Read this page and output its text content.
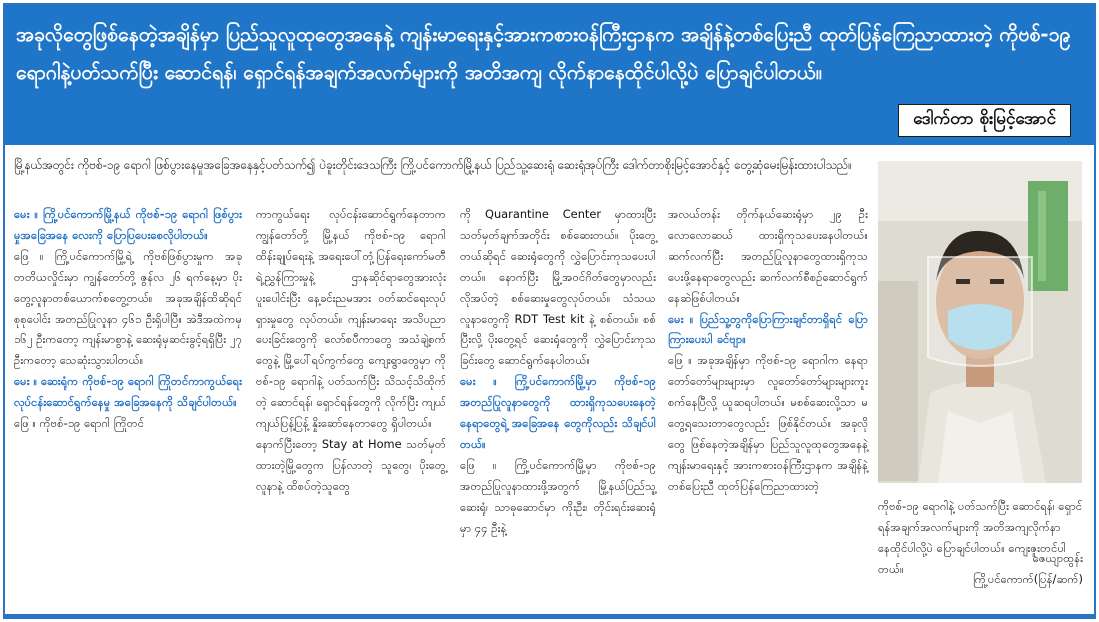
အခုလိုတွေဖြစ်နေတဲ့အချိန်မှာ ပြည်သူလူထုတွေအနေနဲ့ ကျန်းမာရေးနှင့်အားကစားဝန်ကြီးဌာနက အချိန်နဲ့တစ်ပြေးညီ ထုတ်ပြန်ကြေညာထားတဲ့ ကိုဗစ်-၁၉ ရောဂါနဲ့ပတ်သက်ပြီး ဆောင်ရန်၊ ရှောင်ရန်အချက်အလက်များကို အတိအကျ လိုက်နာနေထိုင်ပါလို့ပဲ ပြောချင်ပါတယ်။
ဒေါက်တာ စိုးမြင့်အောင်
မြို့နယ်အတွင်း ကိုဗစ်-၁၉ ရောဂါ ဖြစ်ပွားနေမှုအခြေအနေနှင့်ပတ်သက်၍ ပဲခူးတိုင်းဒေသကြီး ကြို့ပင်ကောက်မြို့နယ် ပြည်သူ့ဆေးရုံ ဆေးရုံအုပ်ကြီး ဒေါက်တာစိုးမြင့်အောင်နှင့် တွေ့ဆုံမေးမြန်းထားပါသည်။

မေး ။ ကြို့ပင်ကောက်မြို့နယ် ကိုဗစ်-၁၉ ရောဂါ ဖြစ်ပွားမှုအခြေအနေ လေးကို ပြောပြပေးစေလိုပါတယ်။

ဖြေ ။ ကြို့ပင်ကောက်မြို့ရဲ့ ကိုဗစ်ဖြစ်ပွားမှုက အခုတတိယလှိုင်းမှာ ကျွန်တော်တို့ ဇွန်လ ၂၆ ရက်နေ့မှာ ပိုးတွေ့လူနာတစ်ယောက်စတွေ့တယ်။ အခုအချိန်ထိဆိုရင် စုစုပေါင်း အတည်ပြုလူနာ ၄၆၁ ဦးရှိပါပြီ။ အဲဒီအထဲကမှ ၁၆၂ ဦးကတော့ ကျန်းမာစွာနဲ့ ဆေးရုံမှဆင်းခွင့်ရရှိပြီး ၂၇ ဦးကတော့ သေဆုံးသွားပါတယ်။

မေး ။ ဆေးရုံက ကိုဗစ်-၁၉ ရောဂါ ကြိုတင်ကာကွယ်ရေး လုပ်ငန်းဆောင်ရွက်နေမှု အခြေအနေကို သိချင်ပါတယ်။

ဖြေ ။ ကိုဗစ်-၁၉ ရောဂါ ကြိုတင်

ကာကွယ်ရေး လုပ်ငန်းဆောင်ရွက်နေတာက ကျွန်တော်တို့ မြို့နယ် ကိုဗစ်-၁၉ ရောဂါထိန်းချုပ်ရေးနဲ့ အရေးပေါ်တုံ့ပြန်ရေးကော်မတီရဲ့ညွှန်ကြားမှုနဲ့ ဌာနဆိုင်ရာတွေအားလုံး ပူးပေါင်းပြီး နေ့ခင်းညမအား ဝတ်ဆင်ရေးလုပ်ရှားမှုတွေ လုပ်တယ်။ ကျန်းမာရေး အသိပညာ ပေးခြင်းတွေကို လော်စပီကာတွေ အသံချဲ့စက်တွေနဲ့ မြို့ပေါ်ရပ်ကွက်တွေ ကျေးရွာတွေမှာ ကိုဗစ်-၁၉ ရောဂါနဲ့ ပတ်သက်ပြီး သိသင့်သိထိုက်တဲ့ ဆောင်ရန်၊ ရှောင်ရန်တွေကို လိုက်ပြီး ကျယ်ကျယ်ပြန့်ပြန့် နှိုးဆော်နေတာတွေ ရှိပါတယ်။

နောက်ပြီးတော့ Stay at Home သတ်မှတ်ထားတဲ့မြို့တွေက ပြန်လာတဲ့ သူတွေ၊ ပိုးတွေ့လူနာနဲ့ ထိစပ်တဲ့သူတွေ

ကို Quarantine Center မှာထားပြီး သတ်မှတ်ချက်အတိုင်း စစ်ဆေးတယ်။ ပိုးတွေ့တယ်ဆိုရင် ဆေးရုံတွေကို လွှဲပြောင်းကုသပေးပါတယ်။ နောက်ပြီး မြို့အဝင်ဂိတ်တွေမှာလည်း လိုအပ်တဲ့ စစ်ဆေးမှုတွေလုပ်တယ်။ သံသယလူနာတွေကို RDT Test kit နဲ့ စစ်တယ်။ စစ်ပြီးလို့ ပိုးတွေ့ရင် ဆေးရုံတွေကို လွှဲပြောင်းကုသခြင်းတွေ ဆောင်ရွက်နေပါတယ်။

မေး ။ ကြို့ပင်ကောက်မြို့မှာ ကိုဗစ်-၁၉ အတည်ပြုလူနာတွေကို ထားရှိကုသပေးနေတဲ့ နေရာတွေရဲ့ အခြေအနေ တွေကိုလည်း သိချင်ပါတယ်။

ဖြေ ။ ကြို့ပင်ကောက်မြို့မှာ ကိုဗစ်-၁၉ အတည်ပြုလူနာထားဖို့အတွက် မြို့နယ်ပြည်သူ့ဆေးရုံ၊ သာဓုဆောင်မှာ ကိုးဦး၊ တိုင်းရင်းဆေးရုံမှာ ၄၄ ဦးနဲ့

အလယ်တန်း တိုက်နယ်ဆေးရုံမှာ ၂၉ ဦး လောလောဆယ် ထားရှိကုသပေးနေပါတယ်။ ဆက်လက်ပြီး အတည်ပြုလူနာတွေထားရှိကုသပေးဖို့နေရာတွေလည်း ဆက်လက်စီစဉ်ဆောင်ရွက်နေဆဲဖြစ်ပါတယ်။

မေး ။ ပြည်သူ့တွကိုပြောကြားချင်တာရှိရင် ပြောကြားပေးပါ ခင်ဗျာ။

ဖြေ ။ အခုအချိန်မှာ ကိုဗစ်-၁၉ ရောဂါက နေရာတော်တော်များများမှာ လူတော်တော်များများကူးစက်နေပြီလို့ ယူဆရပါတယ်။ မစစ်ဆေးလို့သာ မတွေ့ရသေးတာတွေလည်း ဖြစ်နိုင်တယ်။ အခုလိုတွေ ဖြစ်နေတဲ့အချိန်မှာ ပြည်သူလူထုတွေအနေနဲ့ ကျန်းမာရေးနှင့် အားကစားဝန်ကြီးဌာနက အချိန်နဲ့ တစ်ပြေးညီ ထုတ်ပြန်ကြေညာထားတဲ့

ကိုဗစ်-၁၉ ရောဂါနဲ့ ပတ်သက်ပြီး ဆောင်ရန်၊ ရှောင်ရန်အချက်အလက်များကို အတိအကျလိုက်နာနေထိုင်ပါလို့ပဲ ပြောချင်ပါတယ်။ ကျေးဇူးတင်ပါတယ်။
ဇေယျာထွန်း
ကြို့ပင်ကောက်(ပြန်/ဆက်)
